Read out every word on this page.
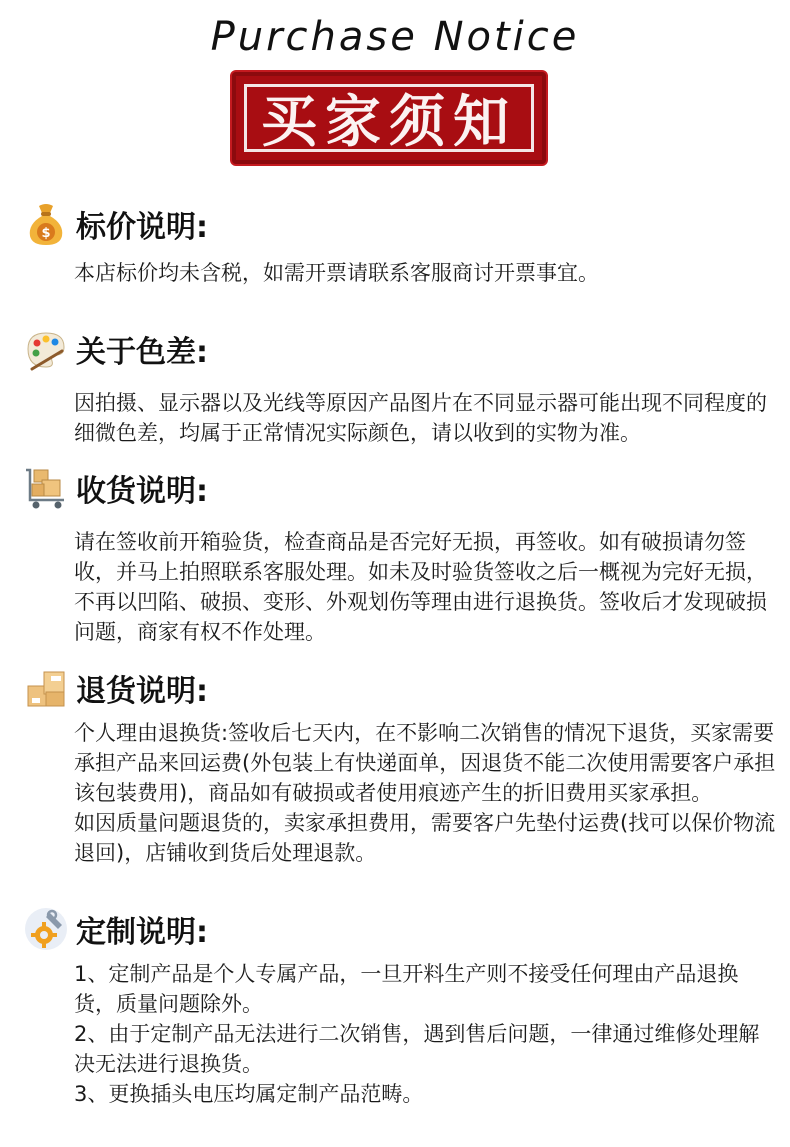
Purchase Notice
买家须知
$ 标价说明:

本店标价均未含税，如需开票请联系客服商讨开票事宜。

关于色差:

因拍摄、显示器以及光线等原因产品图片在不同显示器可能出现不同程度的细微色差，均属于正常情况实际颜色，请以收到的实物为准。

收货说明:

请在签收前开箱验货，检查商品是否完好无损，再签收。如有破损请勿签收，并马上拍照联系客服处理。如未及时验货签收之后一概视为完好无损，不再以凹陷、破损、变形、外观划伤等理由进行退换货。签收后才发现破损问题，商家有权不作处理。

退货说明:

个人理由退换货:签收后七天内，在不影响二次销售的情况下退货，买家需要承担产品来回运费(外包装上有快递面单，因退货不能二次使用需要客户承担该包装费用)，商品如有破损或者使用痕迹产生的折旧费用买家承担。

如因质量问题退货的，卖家承担费用，需要客户先垫付运费(找可以保价物流退回)，店铺收到货后处理退款。

定制说明:

1、定制产品是个人专属产品，一旦开料生产则不接受任何理由产品退换货，质量问题除外。

2、由于定制产品无法进行二次销售，遇到售后问题，一律通过维修处理解决无法进行退换货。

3、更换插头电压均属定制产品范畴。
